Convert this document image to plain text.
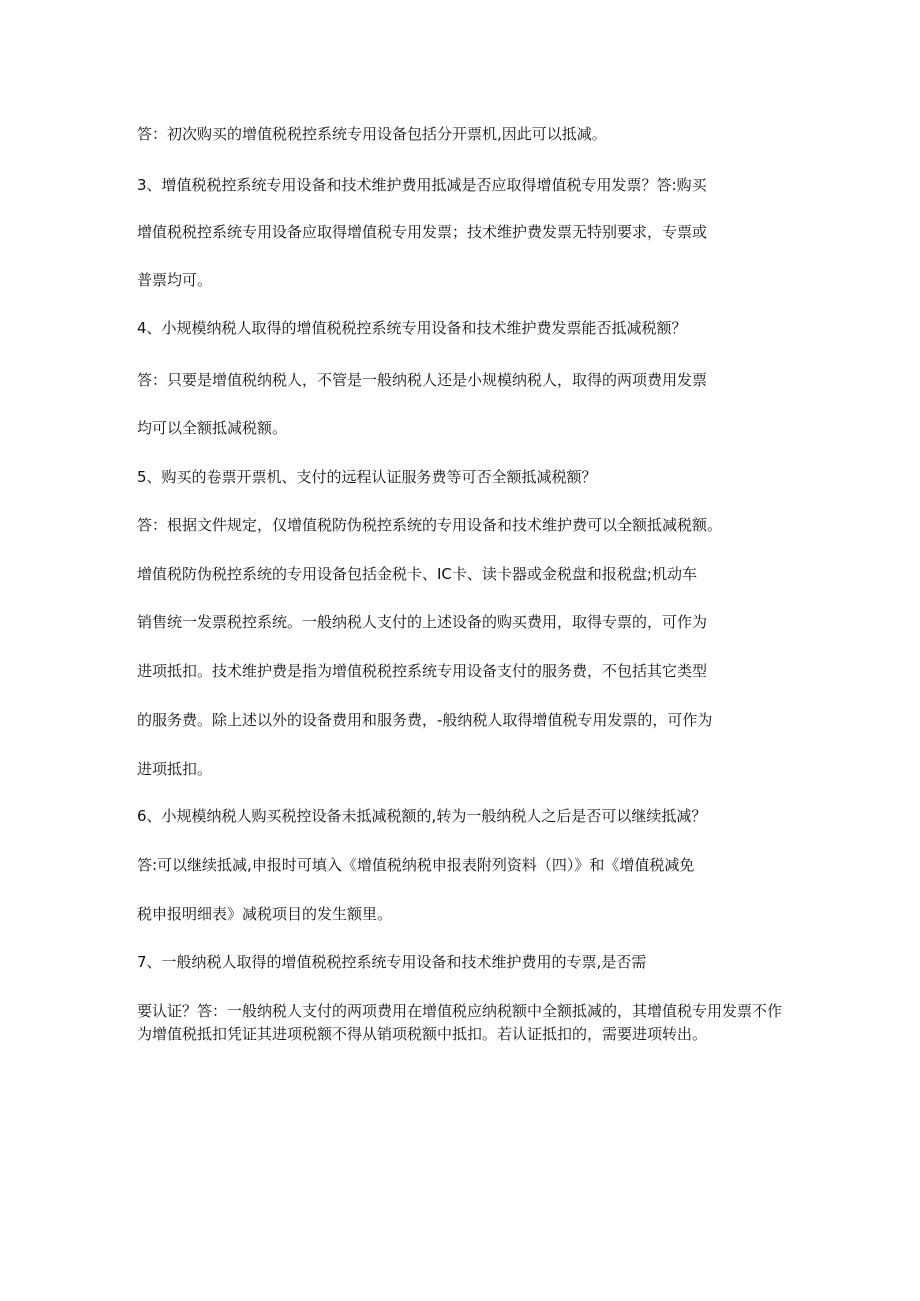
答：初次购买的增值税税控系统专用设备包括分开票机,因此可以抵减。
3、增值税税控系统专用设备和技术维护费用抵减是否应取得增值税专用发票？答:购买
增值税税控系统专用设备应取得增值税专用发票；技术维护费发票无特别要求，专票或
普票均可。
4、小规模纳税人取得的增值税税控系统专用设备和技术维护费发票能否抵减税额？
答：只要是增值税纳税人，不管是一般纳税人还是小规模纳税人，取得的两项费用发票
均可以全额抵减税额。
5、购买的卷票开票机、支付的远程认证服务费等可否全额抵减税额？
答：根据文件规定，仅增值税防伪税控系统的专用设备和技术维护费可以全额抵减税额。
增值税防伪税控系统的专用设备包括金税卡、IC卡、读卡器或金税盘和报税盘;机动车
销售统一发票税控系统。一般纳税人支付的上述设备的购买费用，取得专票的，可作为
进项抵扣。技术维护费是指为增值税税控系统专用设备支付的服务费，不包括其它类型
的服务费。除上述以外的设备费用和服务费，-般纳税人取得增值税专用发票的，可作为
进项抵扣。
6、小规模纳税人购买税控设备未抵减税额的,转为一般纳税人之后是否可以继续抵减？
答:可以继续抵减,申报时可填入《增值税纳税申报表附列资料（四）》和《增值税减免
税申报明细表》减税项目的发生额里。
7、一般纳税人取得的增值税税控系统专用设备和技术维护费用的专票,是否需
要认证？答：一般纳税人支付的两项费用在增值税应纳税额中全额抵减的，其增值税专用发票不作为增值税抵扣凭证其进项税额不得从销项税额中抵扣。若认证抵扣的，需要进项转出。
